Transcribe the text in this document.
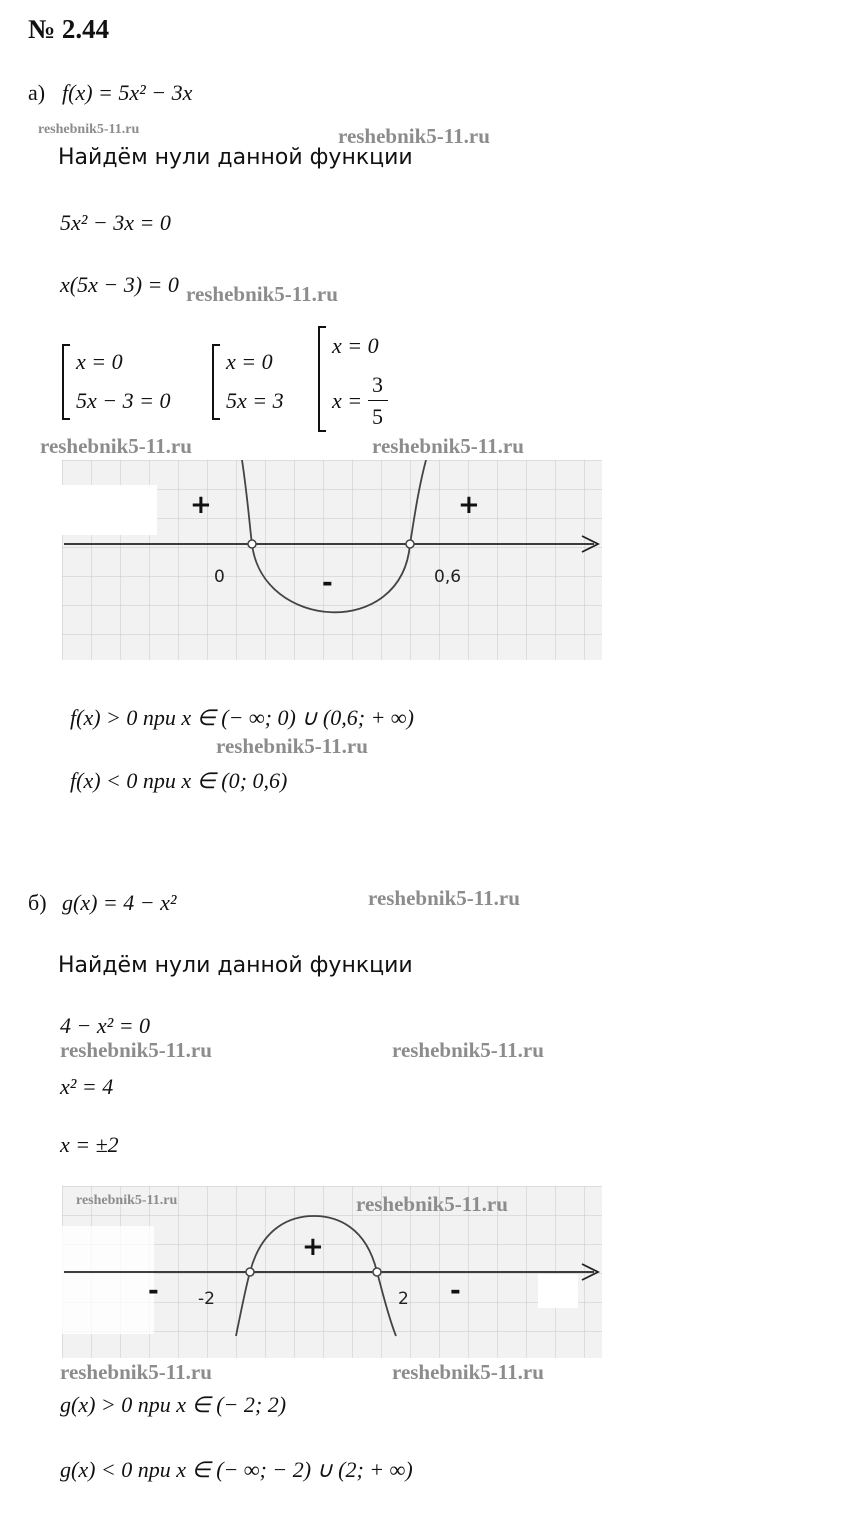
№ 2.44
а) f(x) = 5x² − 3x
reshebnik5-11.ru	reshebnik5-11.ru
Найдём нули данной функции
5x² − 3x = 0
x(5x − 3) = 0 reshebnik5-11.ru
x = 0
5x − 3 = 0
x = 0
5x = 3
x = 0
x =
3
5
reshebnik5-11.ru	reshebnik5-11.ru
+
-
+
0	0,6
f(x) > 0 при x ∈ (− ∞; 0) ∪ (0,6; + ∞)
reshebnik5-11.ru
f(x) < 0 при x ∈ (0; 0,6)
б) g(x) = 4 − x²	reshebnik5-11.ru
Найдём нули данной функции
4 − x² = 0
reshebnik5-11.ru	reshebnik5-11.ru
x² = 4
x = ±2
reshebnik5-11.ru	reshebnik5-11.ru
-
+
-
-2	2
reshebnik5-11.ru	reshebnik5-11.ru
g(x) > 0 при x ∈ (− 2; 2)
g(x) < 0 при x ∈ (− ∞; − 2) ∪ (2; + ∞)
